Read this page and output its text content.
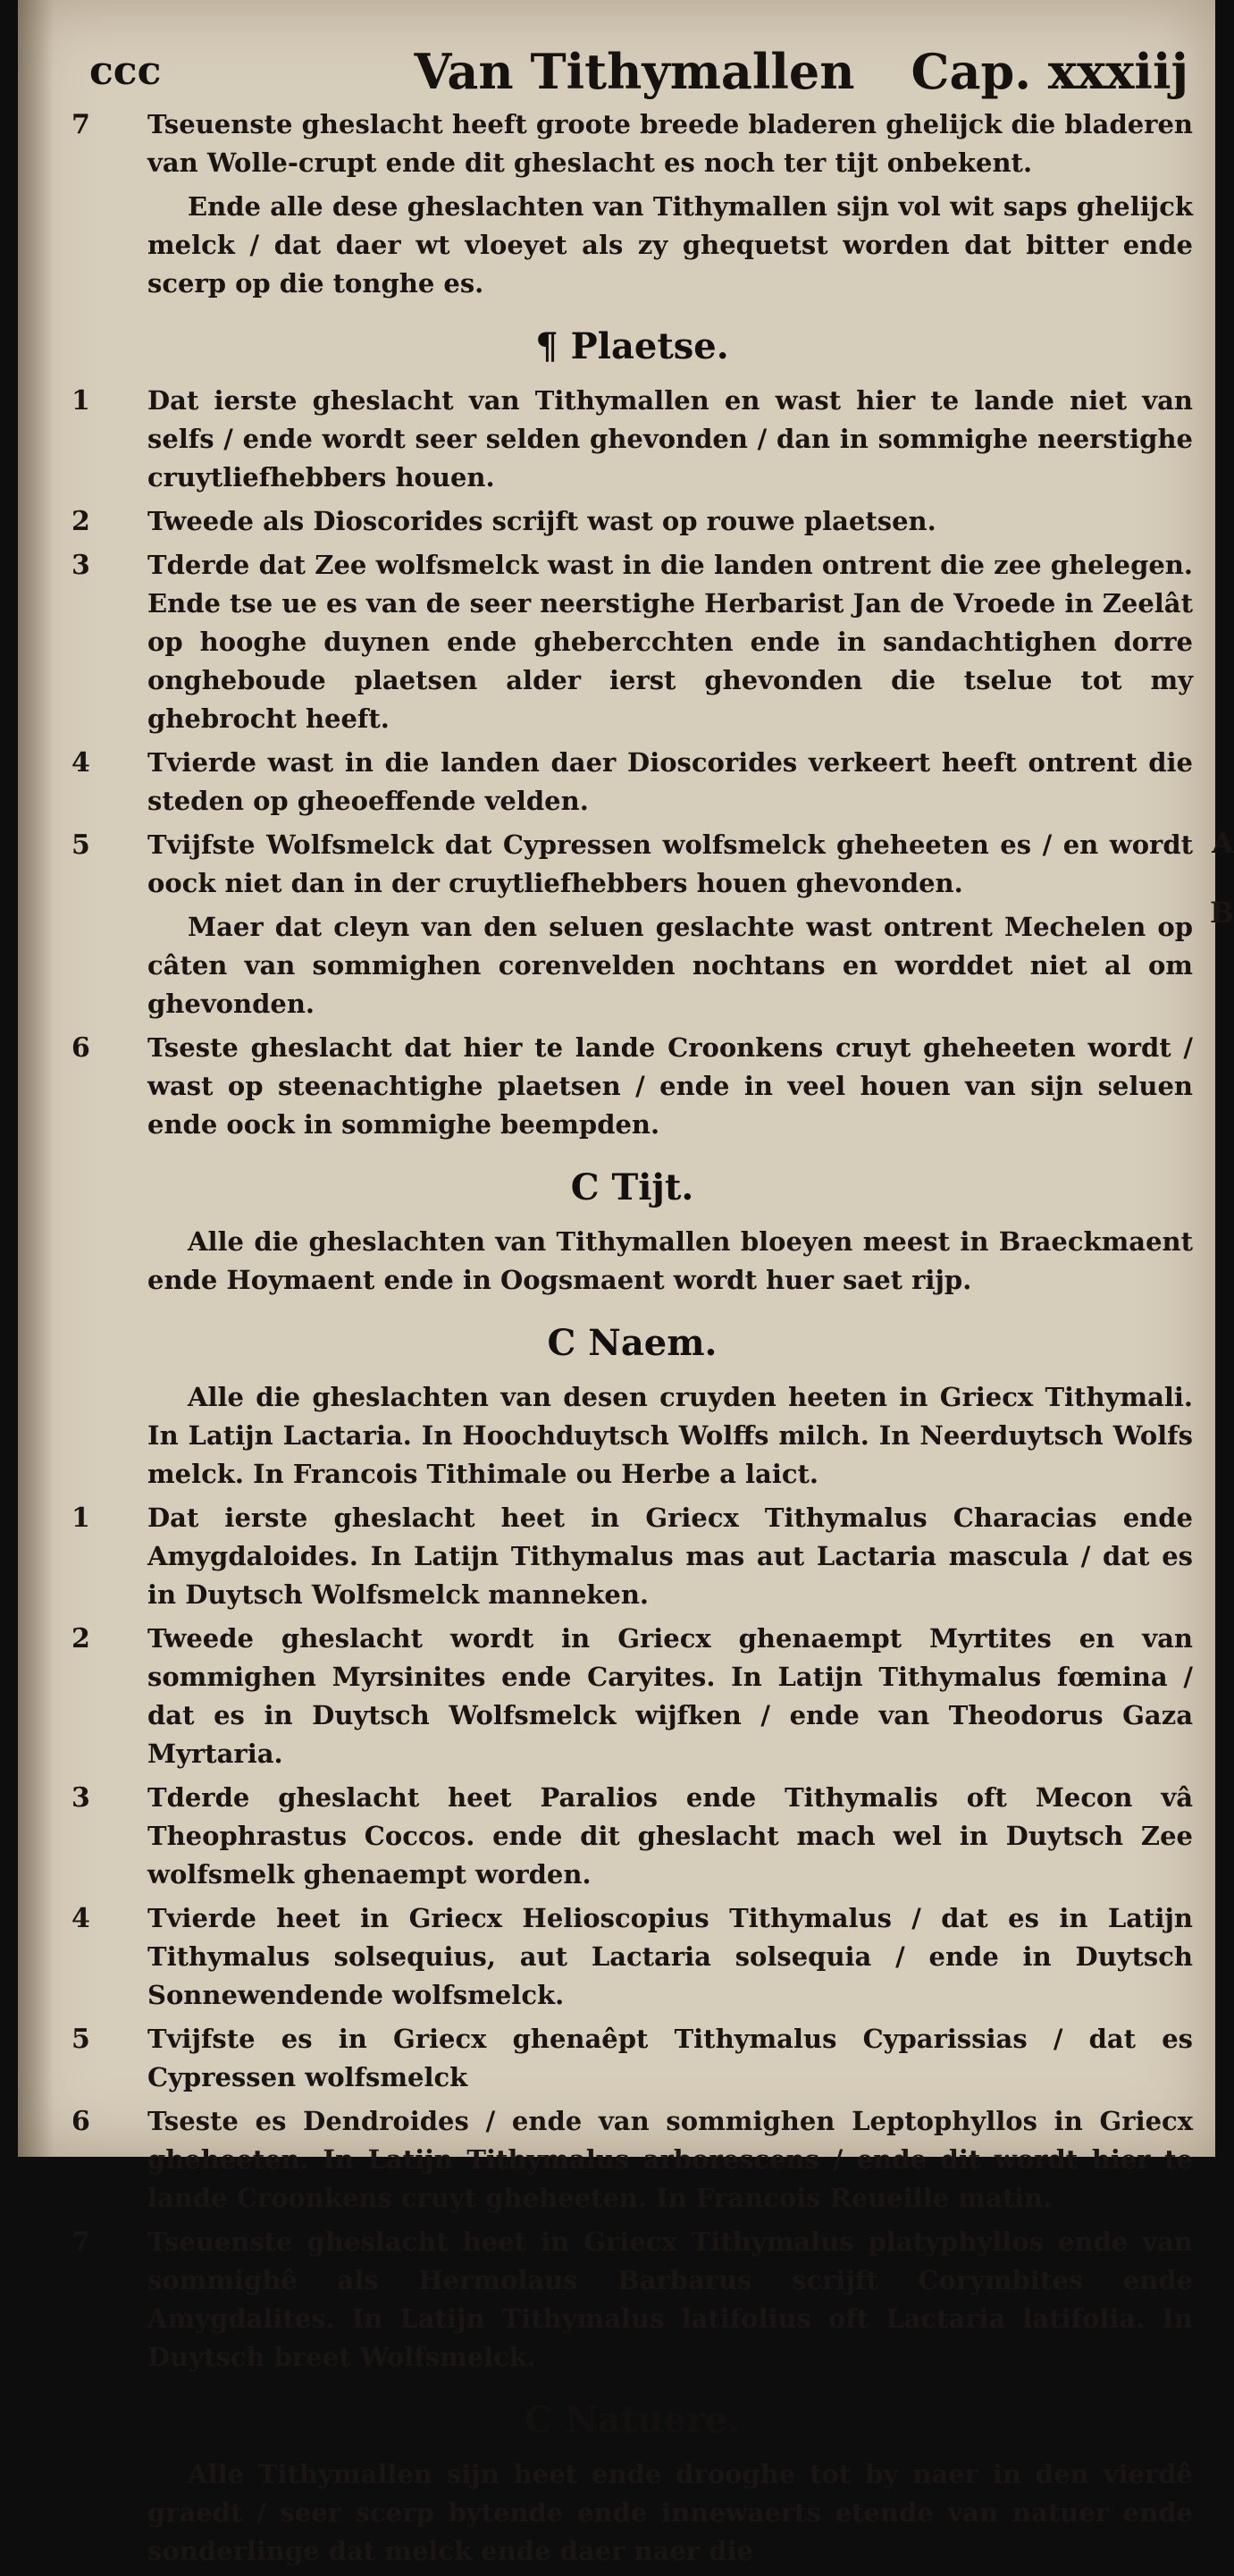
ccc	Van Tithymallen	Cap. xxxiij
A
B
7 Tseuenste gheslacht heeft groote breede bladeren ghelijck die bladeren van Wolle-crupt ende dit gheslacht es noch ter tijt onbekent.
Ende alle dese gheslachten van Tithymallen sijn vol wit saps ghelijck melck / dat daer wt vloeyet als zy ghequetst worden dat bitter ende scerp op die tonghe es.
¶ Plaetse.
1 Dat ierste gheslacht van Tithymallen en wast hier te lande niet van selfs / ende wordt seer selden ghevonden / dan in sommighe neerstighe cruytliefhebbers houen.
2 Tweede als Dioscorides scrijft wast op rouwe plaetsen.
3 Tderde dat Zee wolfsmelck wast in die landen ontrent die zee ghelegen. Ende tse ue es van de seer neerstighe Herbarist Jan de Vroede in Zeelât op hooghe duynen ende ghebercchten ende in sandachtighen dorre ongheboude plaetsen alder ierst ghevonden die tselue tot my ghebrocht heeft.
4 Tvierde wast in die landen daer Dioscorides verkeert heeft ontrent die steden op gheoeffende velden.
5 Tvijfste Wolfsmelck dat Cypressen wolfsmelck gheheeten es / en wordt oock niet dan in der cruytliefhebbers houen ghevonden.
Maer dat cleyn van den seluen geslachte wast ontrent Mechelen op câten van sommighen corenvelden nochtans en worddet niet al om ghevonden.
6 Tseste gheslacht dat hier te lande Croonkens cruyt gheheeten wordt / wast op steenachtighe plaetsen / ende in veel houen van sijn seluen ende oock in sommighe beempden.
C Tijt.
Alle die gheslachten van Tithymallen bloeyen meest in Braeckmaent ende Hoymaent ende in Oogsmaent wordt huer saet rijp.
C Naem.
Alle die gheslachten van desen cruyden heeten in Griecx Tithymali. In Latijn Lactaria. In Hoochduytsch Wolffs milch. In Neerduytsch Wolfs melck. In Francois Tithimale ou Herbe a laict.
1 Dat ierste gheslacht heet in Griecx Tithymalus Characias ende Amygdaloides. In Latijn Tithymalus mas aut Lactaria mascula / dat es in Duytsch Wolfsmelck manneken.
2 Tweede gheslacht wordt in Griecx ghenaempt Myrtites en van sommighen Myrsinites ende Caryites. In Latijn Tithymalus fœmina / dat es in Duytsch Wolfsmelck wijfken / ende van Theodorus Gaza Myrtaria.
3 Tderde gheslacht heet Paralios ende Tithymalis oft Mecon vâ Theophrastus Coccos. ende dit gheslacht mach wel in Duytsch Zee wolfsmelk ghenaempt worden.
4 Tvierde heet in Griecx Helioscopius Tithymalus / dat es in Latijn Tithymalus solsequius, aut Lactaria solsequia / ende in Duytsch Sonnewendende wolfsmelck.
5 Tvijfste es in Griecx ghenaêpt Tithymalus Cyparissias / dat es Cypressen wolfsmelck
6 Tseste es Dendroides / ende van sommighen Leptophyllos in Griecx gheheeten. In Latijn Tithymalus arborescens / ende dit wordt hier te lande Croonkens cruyt gheheeten. In Francois Reueille matin.
7 Tseuenste gheslacht heet in Griecx Tithymalus platyphyllos ende van sommighê als Hermolaus Barbarus scrijft Corymbites ende Amygdalites. In Latijn Tithymalus latifolius oft Lactaria latifolia. In Duytsch breet Wolfsmelck.
C Natuere.
Alle Tithymallen sijn heet ende drooghe tot by naer in den vierdê graedt / seer scerp bytende ende innewaerts etende van natuer ende sonderlinge dat melck ende daer naer die
